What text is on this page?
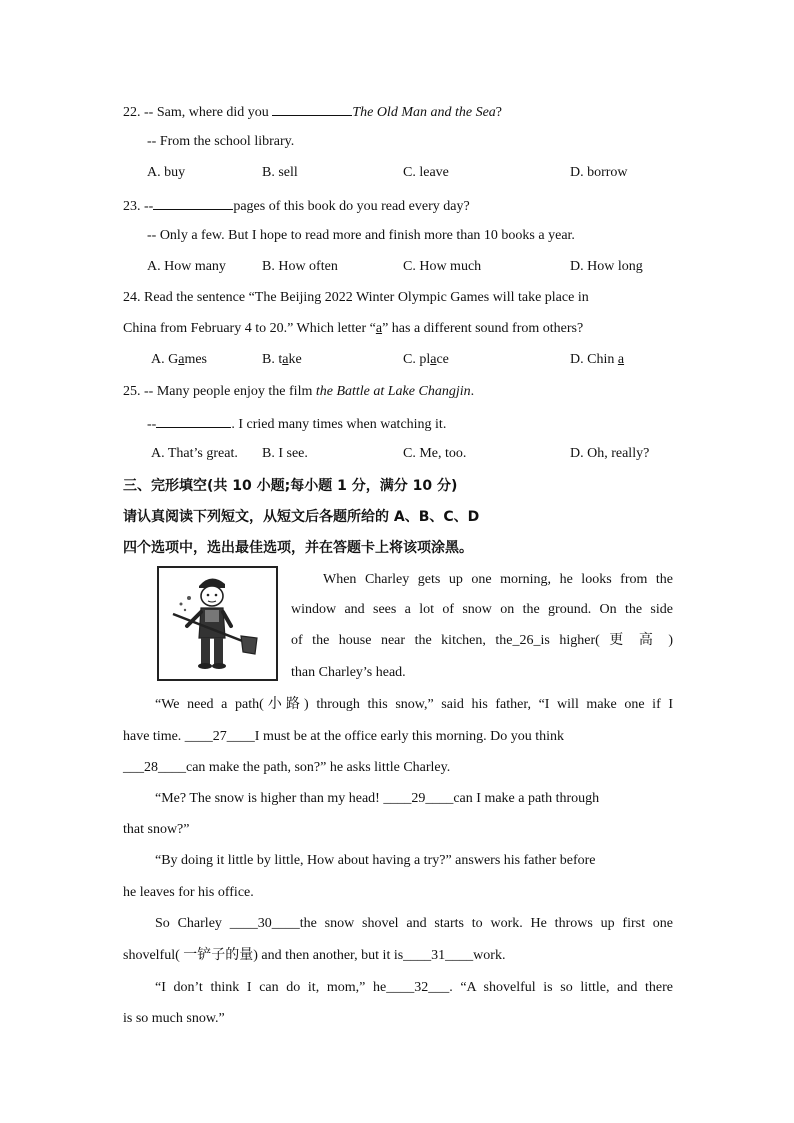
22. -- Sam, where did you	The Old Man and the Sea?
-- From the school library.
A. buy	B. sell	C. leave	D. borrow
23. --	pages of this book do you read every day?
-- Only a few. But I hope to read more and finish more than 10 books a year.
A. How many	B. How often	C. How much	D. How long
24. Read the sentence “The Beijing 2022 Winter Olympic Games will take place in
China from February 4 to 20.” Which letter “a” has a different sound from others?
A. Games	B. take	C. place	D. Chin a
25. -- Many people enjoy the film the Battle at Lake Changjin.
--	. I cried many times when watching it.
A. That’s great. B. I see.	C. Me, too.	D. Oh, really?
三、完形填空(共 10 小题;每小题 1 分，满分 10 分)
请认真阅读下列短文，从短文后各题所给的 A、B、C、D
四个选项中，选出最佳选项，并在答题卡上将该项涂黑。
When Charley gets up one morning, he looks from the
window and sees a lot of snow on the ground. On the side
of the house near the kitchen, the_26_is higher( 更 高 )
than Charley’s head.
“We need a path(小路) through this snow,” said his father, “I will make one if I
have time. ____27____I must be at the office early this morning. Do you think
___28____can make the path, son?” he asks little Charley.
“Me? The snow is higher than my head! ____29____can I make a path through
that snow?”
“By doing it little by little, How about having a try?” answers his father before
he leaves for his office.
So Charley ____30____the snow shovel and starts to work. He throws up first one
shovelful( 一铲子的量) and then another, but it is____31____work.
“I don’t think I can do it, mom,” he____32___. “A shovelful is so little, and there
is so much snow.”
